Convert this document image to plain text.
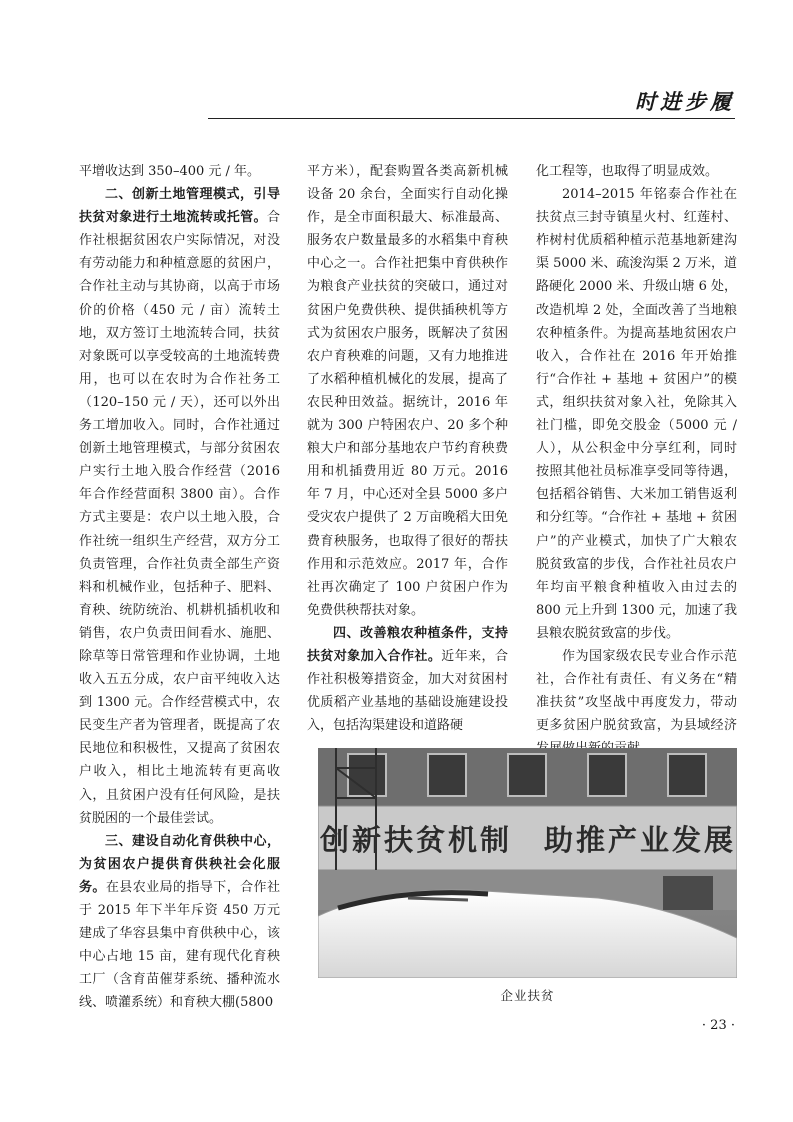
时进步履

平增收达到 350–400 元 / 年。

二、创新土地管理模式，引导扶贫对象进行土地流转或托管。合作社根据贫困农户实际情况，对没有劳动能力和种植意愿的贫困户，合作社主动与其协商，以高于市场价的价格（450 元 / 亩）流转土地，双方签订土地流转合同，扶贫对象既可以享受较高的土地流转费用，也可以在农时为合作社务工（120–150 元 / 天），还可以外出务工增加收入。同时，合作社通过创新土地管理模式，与部分贫困农户实行土地入股合作经营（2016 年合作经营面积 3800 亩）。合作方式主要是：农户以土地入股，合作社统一组织生产经营，双方分工负责管理，合作社负责全部生产资料和机械作业，包括种子、肥料、育秧、统防统治、机耕机插机收和销售，农户负责田间看水、施肥、除草等日常管理和作业协调，土地收入五五分成，农户亩平纯收入达到 1300 元。合作经营模式中，农民变生产者为管理者，既提高了农民地位和积极性，又提高了贫困农户收入，相比土地流转有更高收入，且贫困户没有任何风险，是扶贫脱困的一个最佳尝试。

三、建设自动化育供秧中心，为贫困农户提供育供秧社会化服务。在县农业局的指导下，合作社于 2015 年下半年斥资 450 万元建成了华容县集中育供秧中心，该中心占地 15 亩，建有现代化育秧工厂（含育苗催芽系统、播种流水线、喷灌系统）和育秧大棚(5800

平方米），配套购置各类高新机械设备 20 余台，全面实行自动化操作，是全市面积最大、标准最高、服务农户数量最多的水稻集中育秧中心之一。合作社把集中育供秧作为粮食产业扶贫的突破口，通过对贫困户免费供秧、提供插秧机等方式为贫困农户服务，既解决了贫困农户育秧难的问题，又有力地推进了水稻种植机械化的发展，提高了农民种田效益。据统计，2016 年就为 300 户特困农户、20 多个种粮大户和部分基地农户节约育秧费用和机插费用近 80 万元。2016 年 7 月，中心还对全县 5000 多户受灾农户提供了 2 万亩晚稻大田免费育秧服务，也取得了很好的帮扶作用和示范效应。2017 年，合作社再次确定了 100 户贫困户作为免费供秧帮扶对象。

四、改善粮农种植条件，支持扶贫对象加入合作社。近年来，合作社积极筹措资金，加大对贫困村优质稻产业基地的基础设施建设投入，包括沟渠建设和道路硬

化工程等，也取得了明显成效。

2014–2015 年铭泰合作社在扶贫点三封寺镇星火村、红莲村、柞树村优质稻种植示范基地新建沟渠 5000 米、疏浚沟渠 2 万米，道路硬化 2000 米、升级山塘 6 处，改造机埠 2 处，全面改善了当地粮农种植条件。为提高基地贫困农户收入，合作社在 2016 年开始推行“合作社 + 基地 + 贫困户”的模式，组织扶贫对象入社，免除其入社门槛，即免交股金（5000 元 / 人），从公积金中分享红利，同时按照其他社员标准享受同等待遇，包括稻谷销售、大米加工销售返利和分红等。“合作社 + 基地 + 贫困户”的产业模式，加快了广大粮农脱贫致富的步伐，合作社社员农户年均亩平粮食种植收入由过去的 800 元上升到 1300 元，加速了我县粮农脱贫致富的步伐。

作为国家级农民专业合作示范社，合作社有责任、有义务在“精准扶贫”攻坚战中再度发力，带动更多贫困户脱贫致富，为县域经济

创新扶贫机制　助推产业发展
企业扶贫
· 23 ·
